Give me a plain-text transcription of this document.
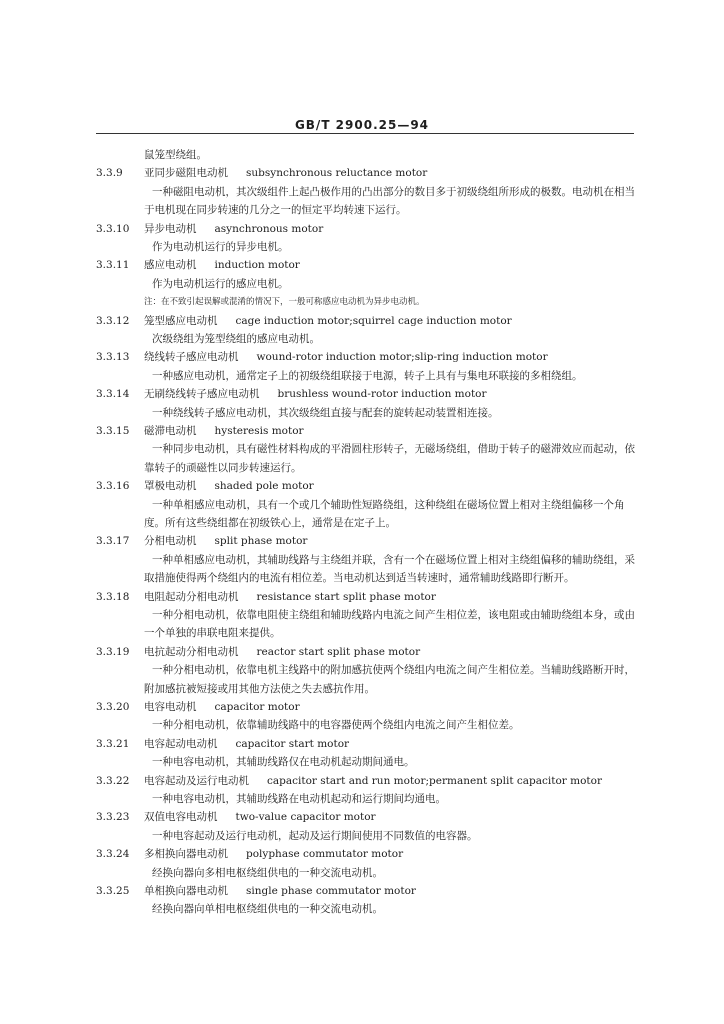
GB/T 2900.25—94
鼠笼型绕组。
3.3.9	亚同步磁阻电动机 subsynchronous reluctance motor
一种磁阻电动机，其次级组件上起凸极作用的凸出部分的数目多于初级绕组所形成的极数。电动机在相当于电机现在同步转速的几分之一的恒定平均转速下运行。
3.3.10	异步电动机 asynchronous motor
作为电动机运行的异步电机。
3.3.11	感应电动机 induction motor
作为电动机运行的感应电机。
注：在不致引起误解或混淆的情况下，一般可称感应电动机为异步电动机。
3.3.12	笼型感应电动机 cage induction motor;squirrel cage induction motor
次级绕组为笼型绕组的感应电动机。
3.3.13	绕线转子感应电动机 wound-rotor induction motor;slip-ring induction motor
一种感应电动机，通常定子上的初级绕组联接于电源，转子上具有与集电环联接的多相绕组。
3.3.14	无刷绕线转子感应电动机 brushless wound-rotor induction motor
一种绕线转子感应电动机，其次级绕组直接与配套的旋转起动装置相连接。
3.3.15	磁滞电动机 hysteresis motor
一种同步电动机，具有磁性材料构成的平滑圆柱形转子，无磁场绕组，借助于转子的磁滞效应而起动，依靠转子的顽磁性以同步转速运行。
3.3.16	罩极电动机 shaded pole motor
一种单相感应电动机，具有一个或几个辅助性短路绕组，这种绕组在磁场位置上相对主绕组偏移一个角度。所有这些绕组都在初级铁心上，通常是在定子上。
3.3.17	分相电动机 split phase motor
一种单相感应电动机，其辅助线路与主绕组并联，含有一个在磁场位置上相对主绕组偏移的辅助绕组，采取措施使得两个绕组内的电流有相位差。当电动机达到适当转速时，通常辅助线路即行断开。
3.3.18	电阻起动分相电动机 resistance start split phase motor
一种分相电动机，依靠电阻使主绕组和辅助线路内电流之间产生相位差，该电阻或由辅助绕组本身，或由一个单独的串联电阻来提供。
3.3.19	电抗起动分相电动机 reactor start split phase motor
一种分相电动机，依靠电机主线路中的附加感抗使两个绕组内电流之间产生相位差。当辅助线路断开时，附加感抗被短接或用其他方法使之失去感抗作用。
3.3.20	电容电动机 capacitor motor
一种分相电动机，依靠辅助线路中的电容器使两个绕组内电流之间产生相位差。
3.3.21	电容起动电动机 capacitor start motor
一种电容电动机，其辅助线路仅在电动机起动期间通电。
3.3.22	电容起动及运行电动机 capacitor start and run motor;permanent split capacitor motor
一种电容电动机，其辅助线路在电动机起动和运行期间均通电。
3.3.23	双值电容电动机 two-value capacitor motor
一种电容起动及运行电动机，起动及运行期间使用不同数值的电容器。
3.3.24	多相换向器电动机 polyphase commutator motor
经换向器向多相电枢绕组供电的一种交流电动机。
3.3.25	单相换向器电动机 single phase commutator motor
经换向器向单相电枢绕组供电的一种交流电动机。
